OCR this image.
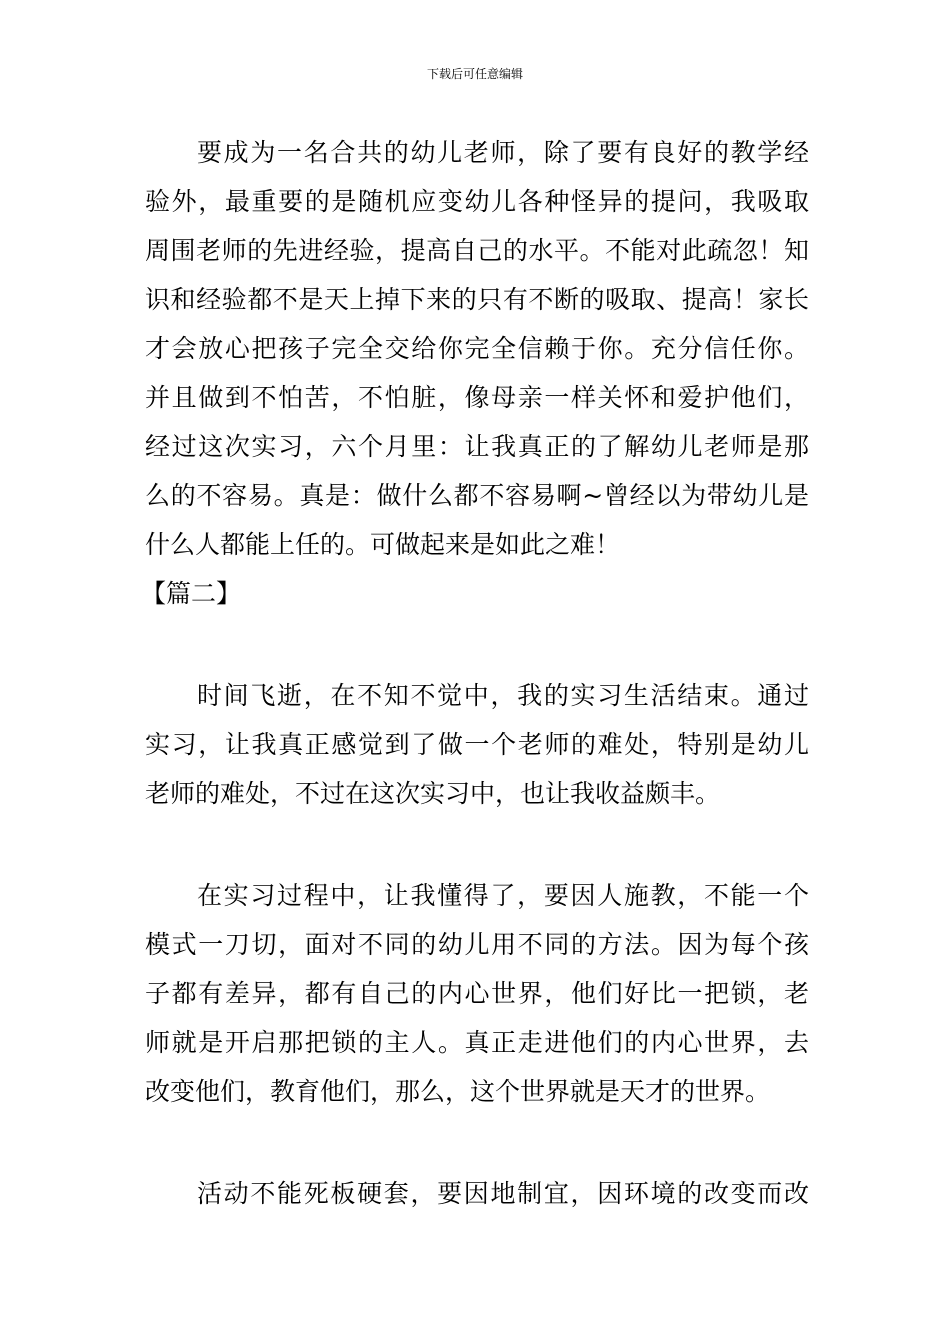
下载后可任意编辑
要成为一名合共的幼儿老师，除了要有良好的教学经
验外，最重要的是随机应变幼儿各种怪异的提问，我吸取
周围老师的先进经验，提高自己的水平。不能对此疏忽！知
识和经验都不是天上掉下来的只有不断的吸取、提高！家长
才会放心把孩子完全交给你完全信赖于你。充分信任你。
并且做到不怕苦，不怕脏，像母亲一样关怀和爱护他们，
经过这次实习，六个月里：让我真正的了解幼儿老师是那
么的不容易。真是：做什么都不容易啊~曾经以为带幼儿是
什么人都能上任的。可做起来是如此之难！
【篇二】
时间飞逝，在不知不觉中，我的实习生活结束。通过
实习，让我真正感觉到了做一个老师的难处，特别是幼儿
老师的难处，不过在这次实习中，也让我收益颇丰。
在实习过程中，让我懂得了，要因人施教，不能一个
模式一刀切，面对不同的幼儿用不同的方法。因为每个孩
子都有差异，都有自己的内心世界，他们好比一把锁，老
师就是开启那把锁的主人。真正走进他们的内心世界，去
改变他们，教育他们，那么，这个世界就是天才的世界。
活动不能死板硬套，要因地制宜，因环境的改变而改
